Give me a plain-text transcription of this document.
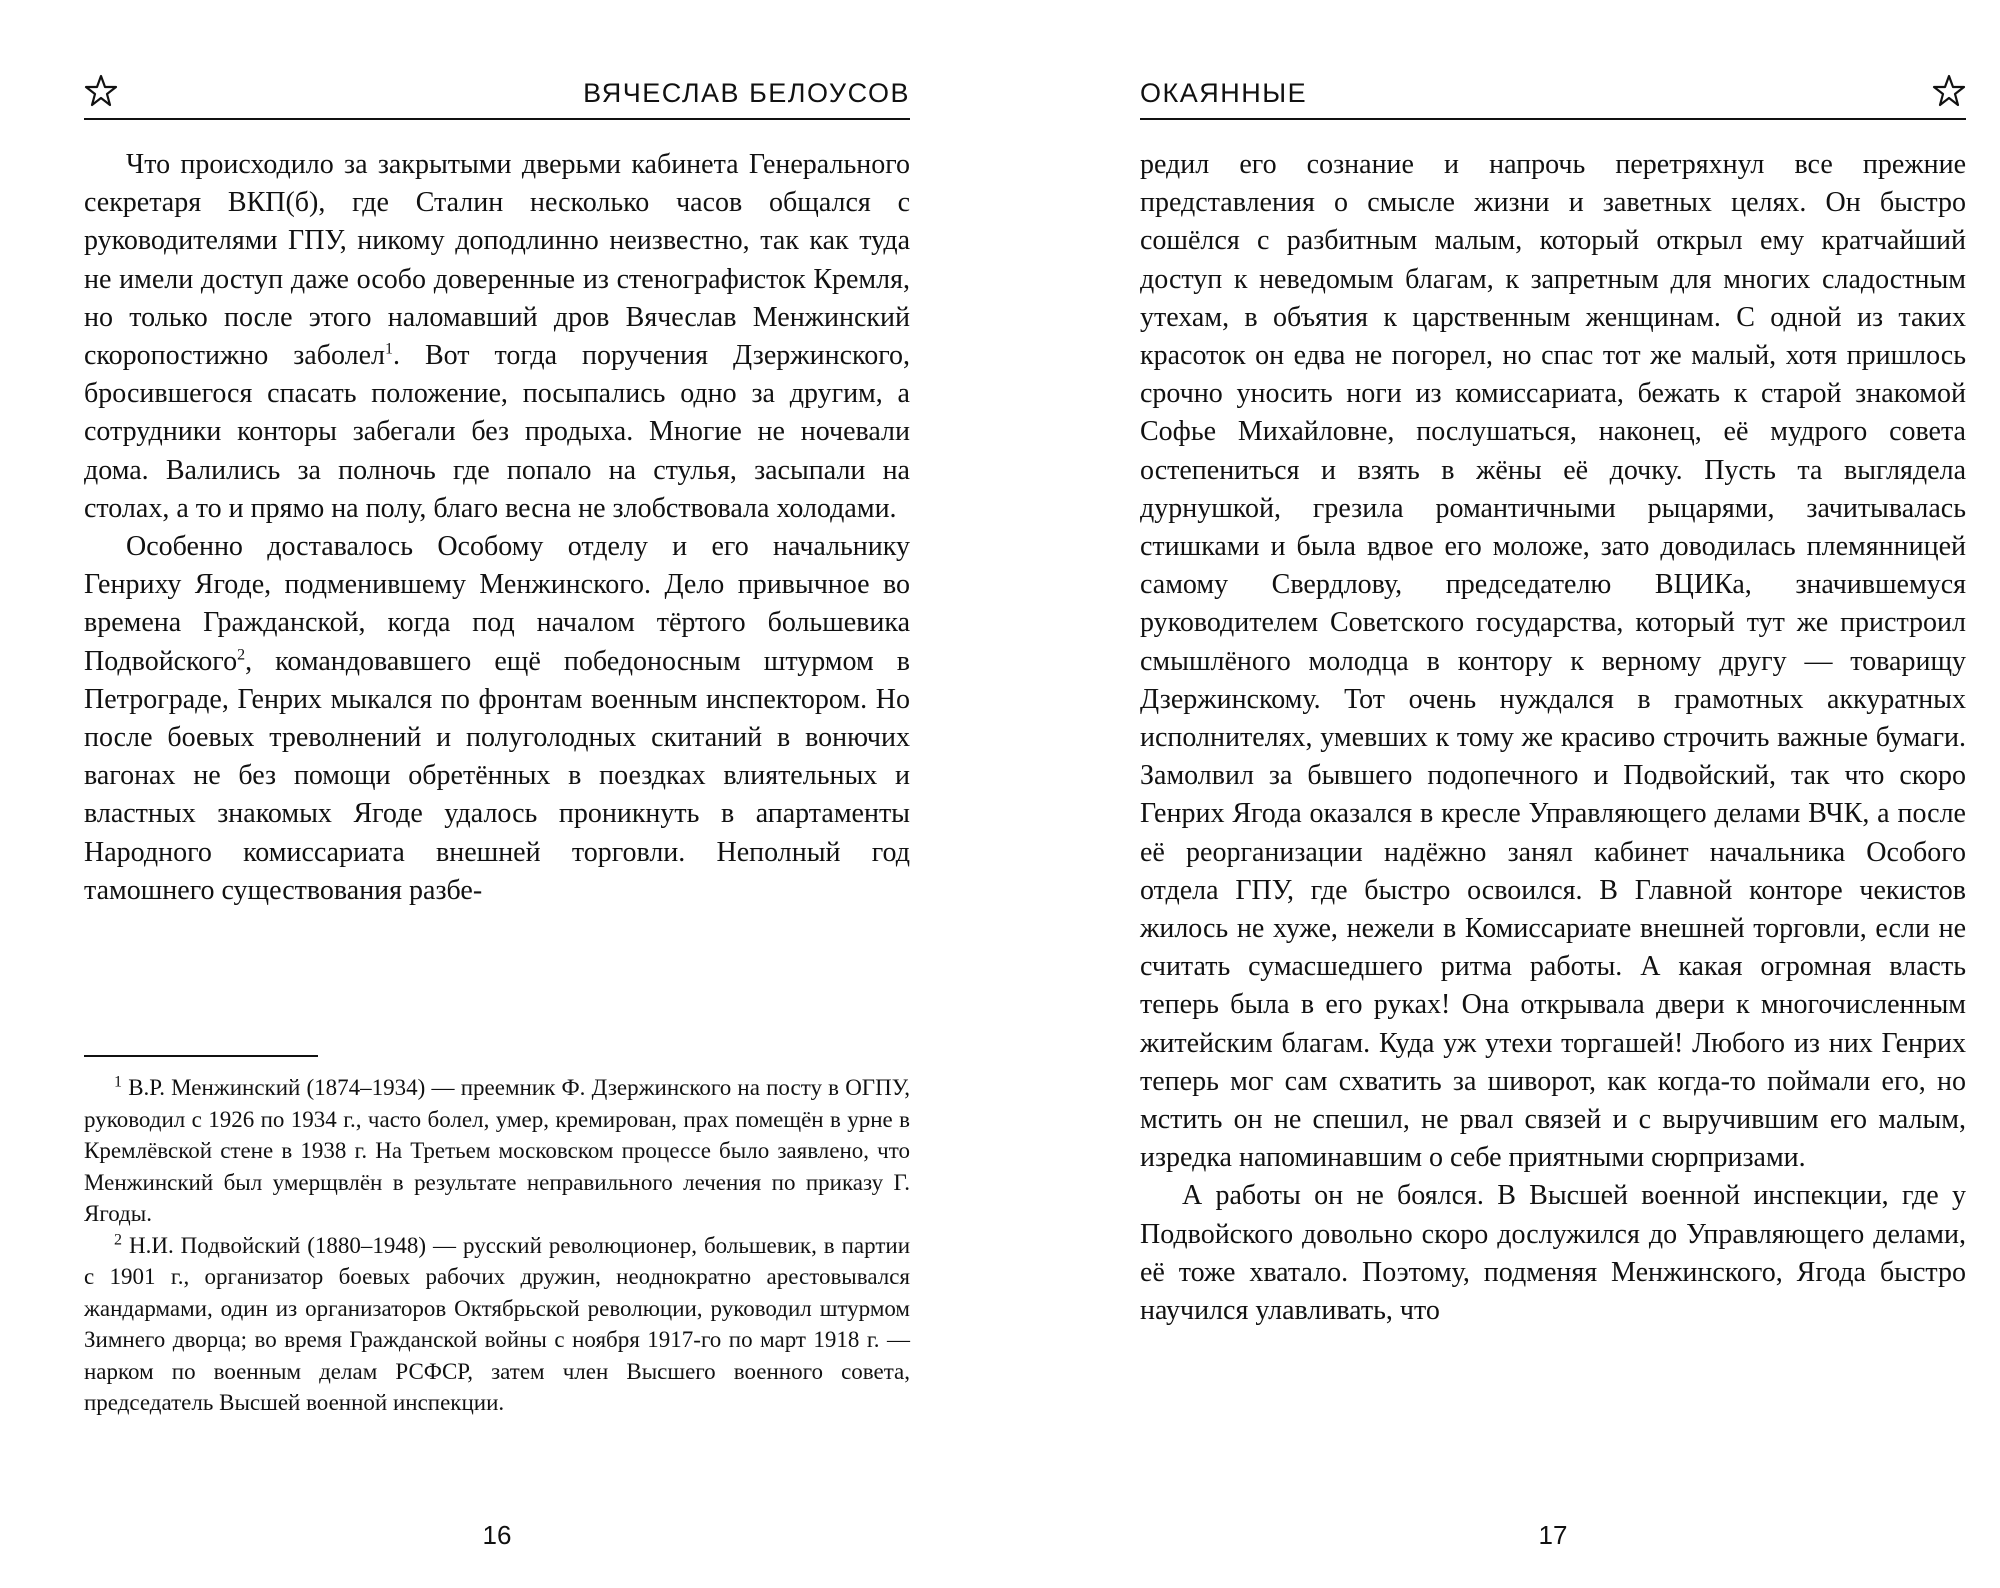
ВЯЧЕСЛАВ БЕЛОУСОВ

Что происходило за закрытыми дверьми кабинета Генерального секретаря ВКП(б), где Сталин несколько часов общался с руководителями ГПУ, никому доподлинно неизвестно, так как туда не имели доступ даже особо доверенные из стенографисток Кремля, но только после этого наломавший дров Вячеслав Менжинский скоропостижно заболел$^1$. Вот тогда поручения Дзержинского, бросившегося спасать положение, посыпались одно за другим, а сотрудники конторы забегали без продыха. Многие не ночевали дома. Валились за полночь где попало на стулья, засыпали на столах, а то и прямо на полу, благо весна не злобствовала холодами.

Особенно доставалось Особому отделу и его начальнику Генриху Ягоде, подменившему Менжинского. Дело привычное во времена Гражданской, когда под началом тёртого большевика Подвойского$^2$, командовавшего ещё победоносным штурмом в Петрограде, Генрих мыкался по фронтам военным инспектором. Но после боевых треволнений и полуголодных скитаний в вонючих вагонах не без помощи обретённых в поездках влиятельных и властных знакомых Ягоде удалось проникнуть в апартаменты Народного комиссариата внешней торговли. Неполный год тамошнего существования разбе-

$^1$ В.Р. Менжинский (1874–1934) — преемник Ф. Дзержинского на посту в ОГПУ, руководил с 1926 по 1934 г., часто болел, умер, кремирован, прах помещён в урне в Кремлёвской стене в 1938 г. На Третьем московском процессе было заявлено, что Менжинский был умерщвлён в результате неправильного лечения по приказу Г. Ягоды.

$^2$ Н.И. Подвойский (1880–1948) — русский революционер, большевик, в партии с 1901 г., организатор боевых рабочих дружин, неоднократно арестовывался жандармами, один из организаторов Октябрьской революции, руководил штурмом Зимнего дворца; во время Гражданской войны с ноября 1917-го по март 1918 г. — нарком по военным делам РСФСР, затем член Высшего военного совета, председатель Высшей военной инспекции.

16
ОКАЯННЫЕ

редил его сознание и напрочь перетряхнул все прежние представления о смысле жизни и заветных целях. Он быстро сошёлся с разбитным малым, который открыл ему кратчайший доступ к неведомым благам, к запретным для многих сладостным утехам, в объятия к царственным женщинам. С одной из таких красоток он едва не погорел, но спас тот же малый, хотя пришлось срочно уносить ноги из комиссариата, бежать к старой знакомой Софье Михайловне, послушаться, наконец, её мудрого совета остепениться и взять в жёны её дочку. Пусть та выглядела дурнушкой, грезила романтичными рыцарями, зачитывалась стишками и была вдвое его моложе, зато доводилась племянницей самому Свердлову, председателю ВЦИКа, значившемуся руководителем Советского государства, который тут же пристроил смышлёного молодца в контору к верному другу — товарищу Дзержинскому. Тот очень нуждался в грамотных аккуратных исполнителях, умевших к тому же красиво строчить важные бумаги. Замолвил за бывшего подопечного и Подвойский, так что скоро Генрих Ягода оказался в кресле Управляющего делами ВЧК, а после её реорганизации надёжно занял кабинет начальника Особого отдела ГПУ, где быстро освоился. В Главной конторе чекистов жилось не хуже, нежели в Комиссариате внешней торговли, если не считать сумасшедшего ритма работы. А какая огромная власть теперь была в его руках! Она открывала двери к многочисленным житейским благам. Куда уж утехи торгашей! Любого из них Генрих теперь мог сам схватить за шиворот, как когда-то поймали его, но мстить он не спешил, не рвал связей и с выручившим его малым, изредка напоминавшим о себе приятными сюрпризами.

А работы он не боялся. В Высшей военной инспекции, где у Подвойского довольно скоро дослужился до Управляющего делами, её тоже хватало. Поэтому, подменяя Менжинского, Ягода быстро научился улавливать, что

17
